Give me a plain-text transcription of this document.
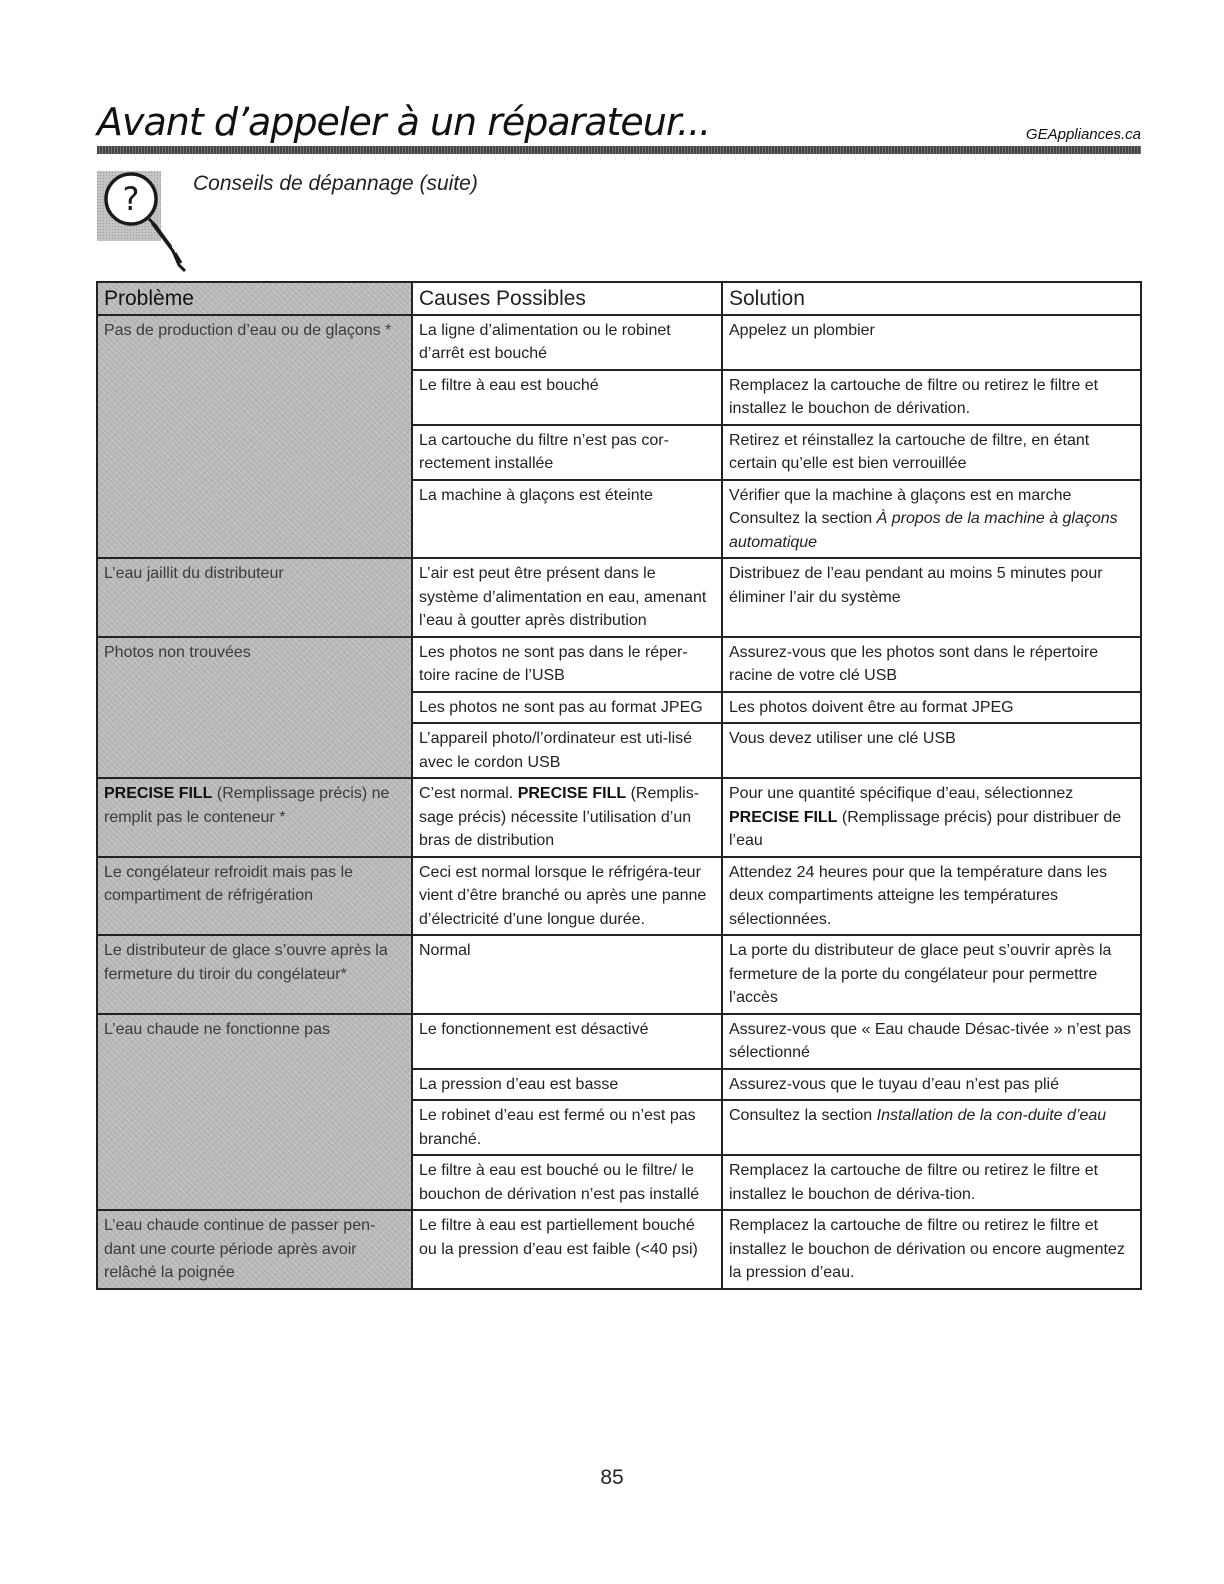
Avant d’appeler à un réparateur...	GEAppliances.ca
?	Conseils de dépannage (suite)
Problème	Causes Possibles	Solution
Pas de production d’eau ou de glaçons *	La ligne d’alimentation ou le robinet d’arrêt est bouché	Appelez un plombier
	Le filtre à eau est bouché	Remplacez la cartouche de filtre ou retirez le filtre et installez le bouchon de dérivation.
	La cartouche du filtre n’est pas cor-rectement installée	Retirez et réinstallez la cartouche de filtre, en étant certain qu’elle est bien verrouillée
	La machine à glaçons est éteinte	Vérifier que la machine à glaçons est en marche Consultez la section À propos de la machine à glaçons automatique
L’eau jaillit du distributeur	L’air est peut être présent dans le système d’alimentation en eau, amenant l’eau à goutter après distribution	Distribuez de l’eau pendant au moins 5 minutes pour éliminer l’air du système
Photos non trouvées	Les photos ne sont pas dans le réper-toire racine de l’USB	Assurez-vous que les photos sont dans le répertoire racine de votre clé USB
	Les photos ne sont pas au format JPEG	Les photos doivent être au format JPEG
	L’appareil photo/l’ordinateur est uti-lisé avec le cordon USB	Vous devez utiliser une clé USB
PRECISE FILL (Remplissage précis) ne remplit pas le conteneur *	C’est normal. PRECISE FILL (Remplis-sage précis) nécessite l’utilisation d’un bras de distribution	Pour une quantité spécifique d’eau, sélectionnez PRECISE FILL (Remplissage précis) pour distribuer de l’eau
Le congélateur refroidit mais pas le compartiment de réfrigération	Ceci est normal lorsque le réfrigéra-teur vient d’être branché ou après une panne d’électricité d’une longue durée.	Attendez 24 heures pour que la température dans les deux compartiments atteigne les températures sélectionnées.
Le distributeur de glace s’ouvre après la fermeture du tiroir du congélateur*	Normal	La porte du distributeur de glace peut s’ouvrir après la fermeture de la porte du congélateur pour permettre l’accès
L’eau chaude ne fonctionne pas	Le fonctionnement est désactivé	Assurez-vous que « Eau chaude Désac-tivée » n’est pas sélectionné
	La pression d’eau est basse	Assurez-vous que le tuyau d’eau n’est pas plié
	Le robinet d’eau est fermé ou n’est pas branché.	Consultez la section Installation de la con-duite d’eau
	Le filtre à eau est bouché ou le filtre/ le bouchon de dérivation n’est pas installé	Remplacez la cartouche de filtre ou retirez le filtre et installez le bouchon de dériva-tion.
L’eau chaude continue de passer pen-dant une courte période après avoir relâché la poignée	Le filtre à eau est partiellement bouché ou la pression d’eau est faible (<40 psi)	Remplacez la cartouche de filtre ou retirez le filtre et installez le bouchon de dérivation ou encore augmentez la pression d’eau.
85
